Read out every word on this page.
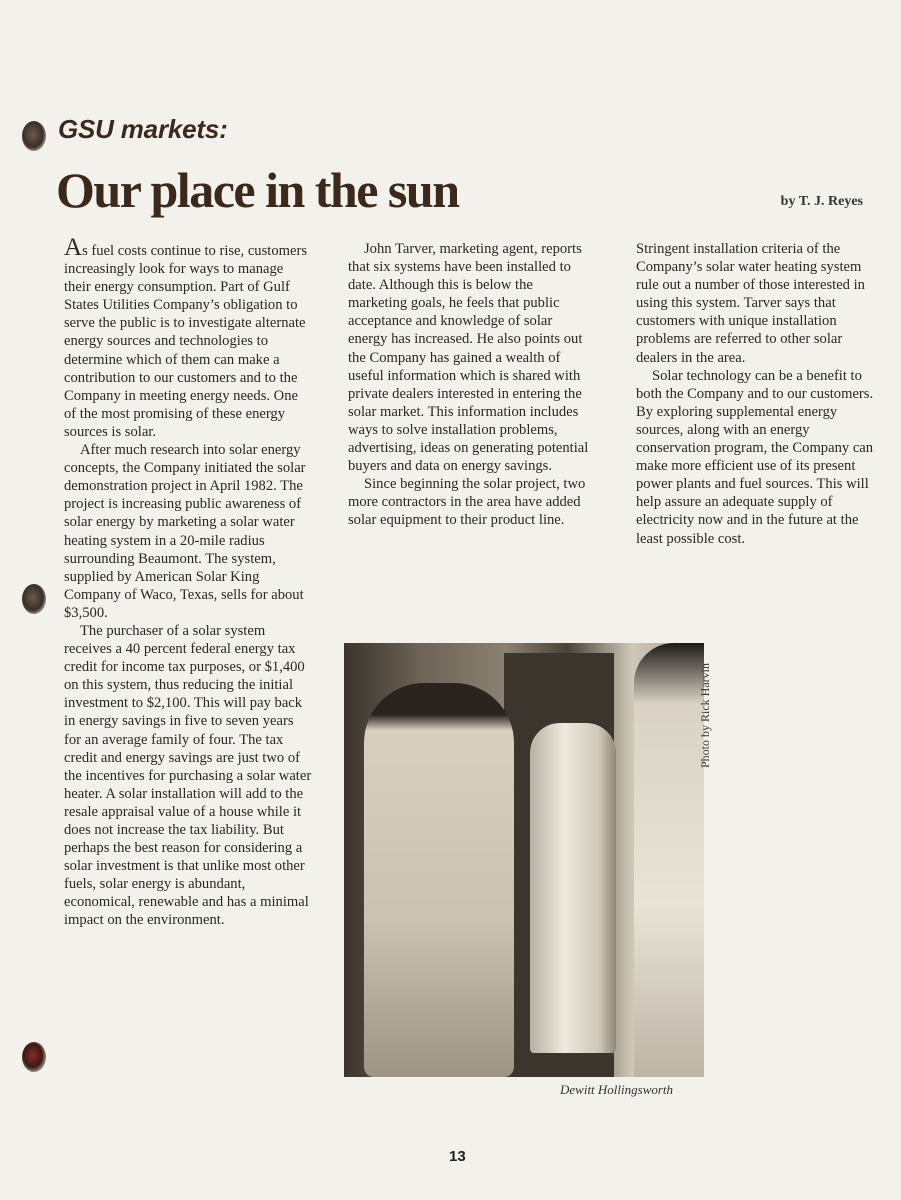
GSU markets:
Our place in the sun	by T. J. Reyes

As fuel costs continue to rise, customers increasingly look for ways to manage their energy consumption. Part of Gulf States Utilities Company’s obligation to serve the public is to investigate alternate energy sources and technologies to determine which of them can make a contribution to our customers and to the Company in meeting energy needs. One of the most promising of these energy sources is solar.

After much research into solar energy concepts, the Company initiated the solar demonstration project in April 1982. The project is increasing public awareness of solar energy by marketing a solar water heating system in a 20-mile radius surrounding Beaumont. The system, supplied by American Solar King Company of Waco, Texas, sells for about $3,500.

The purchaser of a solar system receives a 40 percent federal energy tax credit for income tax purposes, or $1,400 on this system, thus reducing the initial investment to $2,100. This will pay back in energy savings in five to seven years for an average family of four. The tax credit and energy savings are just two of the incentives for purchasing a solar water heater. A solar installation will add to the resale appraisal value of a house while it does not increase the tax liability. But perhaps the best reason for considering a solar investment is that unlike most other fuels, solar energy is abundant, economical, renewable and has a minimal impact on the environment.

John Tarver, marketing agent, reports that six systems have been installed to date. Although this is below the marketing goals, he feels that public acceptance and knowledge of solar energy has increased. He also points out the Company has gained a wealth of useful information which is shared with private dealers interested in entering the solar market. This information includes ways to solve installation problems, advertising, ideas on generating potential buyers and data on energy savings.

Since beginning the solar project, two more contractors in the area have added solar equipment to their product line.

Stringent installation criteria of the Company’s solar water heating system rule out a number of those interested in using this system. Tarver says that customers with unique installation problems are referred to other solar dealers in the area.

Solar technology can be a benefit to both the Company and to our customers. By exploring supplemental energy sources, along with an energy conservation program, the Company can make more efficient use of its present power plants and fuel sources. This will help assure an adequate supply of electricity now and in the future at the least possible cost.

Photo by Rick Harvin
Dewitt Hollingsworth
13
